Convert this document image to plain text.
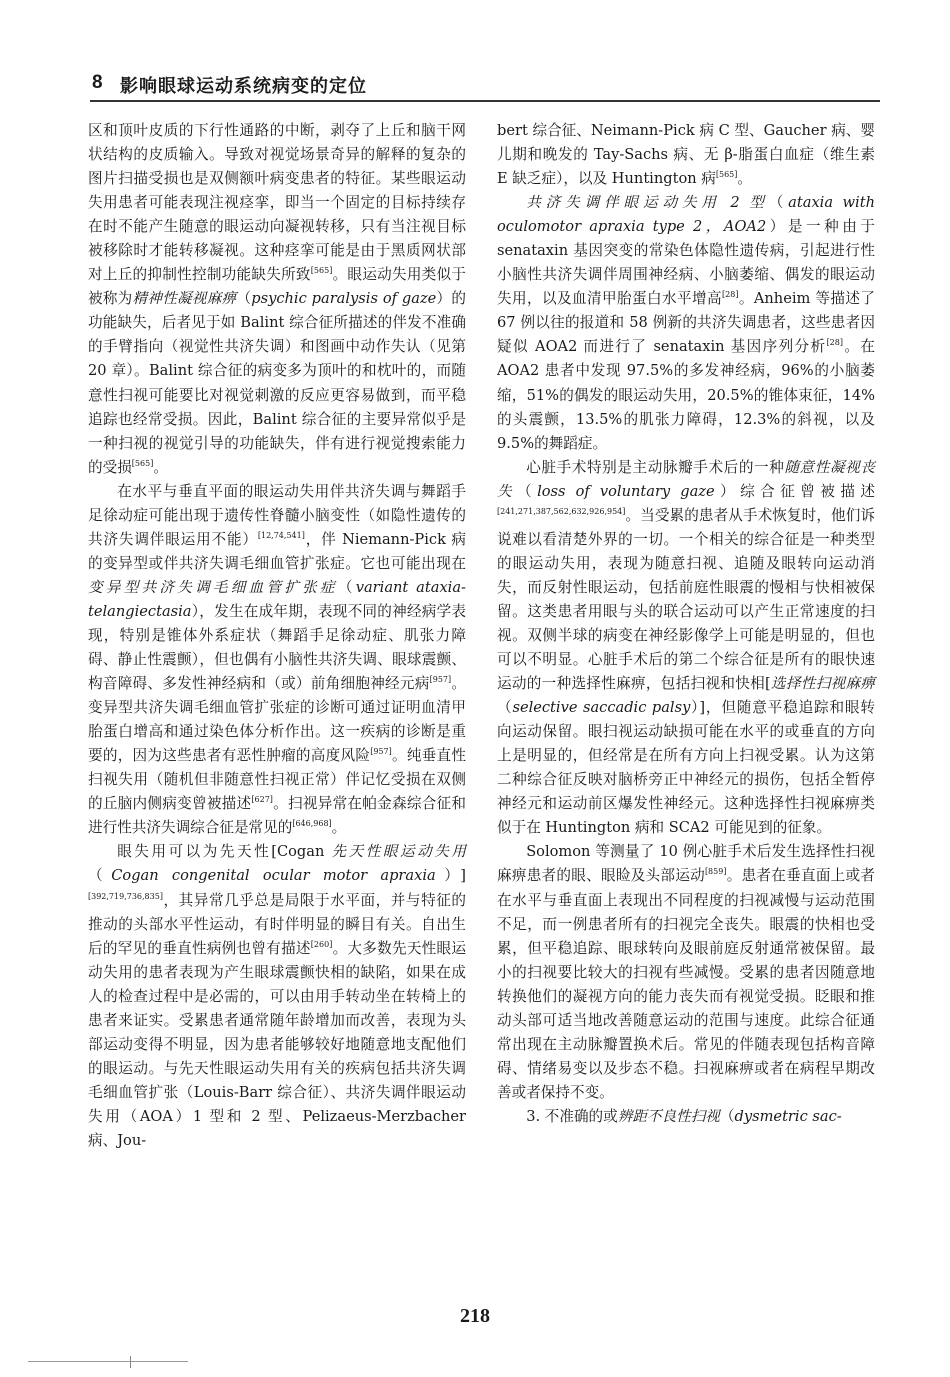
8 影响眼球运动系统病变的定位

区和顶叶皮质的下行性通路的中断，剥夺了上丘和脑干网状结构的皮质输入。导致对视觉场景奇异的解释的复杂的图片扫描受损也是双侧额叶病变患者的特征。某些眼运动失用患者可能表现注视痉挛，即当一个固定的目标持续存在时不能产生随意的眼运动向凝视转移，只有当注视目标被移除时才能转移凝视。这种痉挛可能是由于黑质网状部对上丘的抑制性控制功能缺失所致[565]。眼运动失用类似于被称为精神性凝视麻痹（psychic paralysis of gaze）的功能缺失，后者见于如 Balint 综合征所描述的伴发不准确的手臂指向（视觉性共济失调）和图画中动作失认（见第 20 章）。Balint 综合征的病变多为顶叶的和枕叶的，而随意性扫视可能要比对视觉刺激的反应更容易做到，而平稳追踪也经常受损。因此，Balint 综合征的主要异常似乎是一种扫视的视觉引导的功能缺失，伴有进行视觉搜索能力的受损[565]。

在水平与垂直平面的眼运动失用伴共济失调与舞蹈手足徐动症可能出现于遗传性脊髓小脑变性（如隐性遗传的共济失调伴眼运用不能）[12,74,541]，伴 Niemann-Pick 病的变异型或伴共济失调毛细血管扩张症。它也可能出现在变异型共济失调毛细血管扩张症（variant ataxia-telangiectasia），发生在成年期，表现不同的神经病学表现，特别是锥体外系症状（舞蹈手足徐动症、肌张力障碍、静止性震颤），但也偶有小脑性共济失调、眼球震颤、构音障碍、多发性神经病和（或）前角细胞神经元病[957]。变异型共济失调毛细血管扩张症的诊断可通过证明血清甲胎蛋白增高和通过染色体分析作出。这一疾病的诊断是重要的，因为这些患者有恶性肿瘤的高度风险[957]。纯垂直性扫视失用（随机但非随意性扫视正常）伴记忆受损在双侧的丘脑内侧病变曾被描述[627]。扫视异常在帕金森综合征和进行性共济失调综合征是常见的[646,968]。

眼失用可以为先天性[Cogan 先天性眼运动失用（Cogan congenital ocular motor apraxia）][392,719,736,835]，其异常几乎总是局限于水平面，并与特征的推动的头部水平性运动，有时伴明显的瞬目有关。自出生后的罕见的垂直性病例也曾有描述[260]。大多数先天性眼运动失用的患者表现为产生眼球震颤快相的缺陷，如果在成人的检查过程中是必需的，可以由用手转动坐在转椅上的患者来证实。受累患者通常随年龄增加而改善，表现为头部运动变得不明显，因为患者能够较好地随意地支配他们的眼运动。与先天性眼运动失用有关的疾病包括共济失调毛细血管扩张（Louis-Barr 综合征）、共济失调伴眼运动失用（AOA）1 型和 2 型、Pelizaeus-Merzbacher 病、Jou-

bert 综合征、Neimann-Pick 病 C 型、Gaucher 病、婴儿期和晚发的 Tay-Sachs 病、无 β-脂蛋白血症（维生素 E 缺乏症），以及 Huntington 病[565]。

共济失调伴眼运动失用 2 型（ataxia with oculomotor apraxia type 2，AOA2）是一种由于 senataxin 基因突变的常染色体隐性遗传病，引起进行性小脑性共济失调伴周围神经病、小脑萎缩、偶发的眼运动失用，以及血清甲胎蛋白水平增高[28]。Anheim 等描述了 67 例以往的报道和 58 例新的共济失调患者，这些患者因疑似 AOA2 而进行了 senataxin 基因序列分析[28]。在 AOA2 患者中发现 97.5%的多发神经病，96%的小脑萎缩，51%的偶发的眼运动失用，20.5%的锥体束征，14%的头震颤，13.5%的肌张力障碍，12.3%的斜视，以及 9.5%的舞蹈症。

心脏手术特别是主动脉瓣手术后的一种随意性凝视丧失（loss of voluntary gaze）综合征曾被描述[241,271,387,562,632,926,954]。当受累的患者从手术恢复时，他们诉说难以看清楚外界的一切。一个相关的综合征是一种类型的眼运动失用，表现为随意扫视、追随及眼转向运动消失，而反射性眼运动，包括前庭性眼震的慢相与快相被保留。这类患者用眼与头的联合运动可以产生正常速度的扫视。双侧半球的病变在神经影像学上可能是明显的，但也可以不明显。心脏手术后的第二个综合征是所有的眼快速运动的一种选择性麻痹，包括扫视和快相[选择性扫视麻痹（selective saccadic palsy）]，但随意平稳追踪和眼转向运动保留。眼扫视运动缺损可能在水平的或垂直的方向上是明显的，但经常是在所有方向上扫视受累。认为这第二种综合征反映对脑桥旁正中神经元的损伤，包括全暂停神经元和运动前区爆发性神经元。这种选择性扫视麻痹类似于在 Huntington 病和 SCA2 可能见到的征象。

Solomon 等测量了 10 例心脏手术后发生选择性扫视麻痹患者的眼、眼睑及头部运动[859]。患者在垂直面上或者在水平与垂直面上表现出不同程度的扫视减慢与运动范围不足，而一例患者所有的扫视完全丧失。眼震的快相也受累，但平稳追踪、眼球转向及眼前庭反射通常被保留。最小的扫视要比较大的扫视有些减慢。受累的患者因随意地转换他们的凝视方向的能力丧失而有视觉受损。眨眼和推动头部可适当地改善随意运动的范围与速度。此综合征通常出现在主动脉瓣置换术后。常见的伴随表现包括构音障碍、情绪易变以及步态不稳。扫视麻痹或者在病程早期改善或者保持不变。

3. 不准确的或辨距不良性扫视（dysmetric sac-

218
